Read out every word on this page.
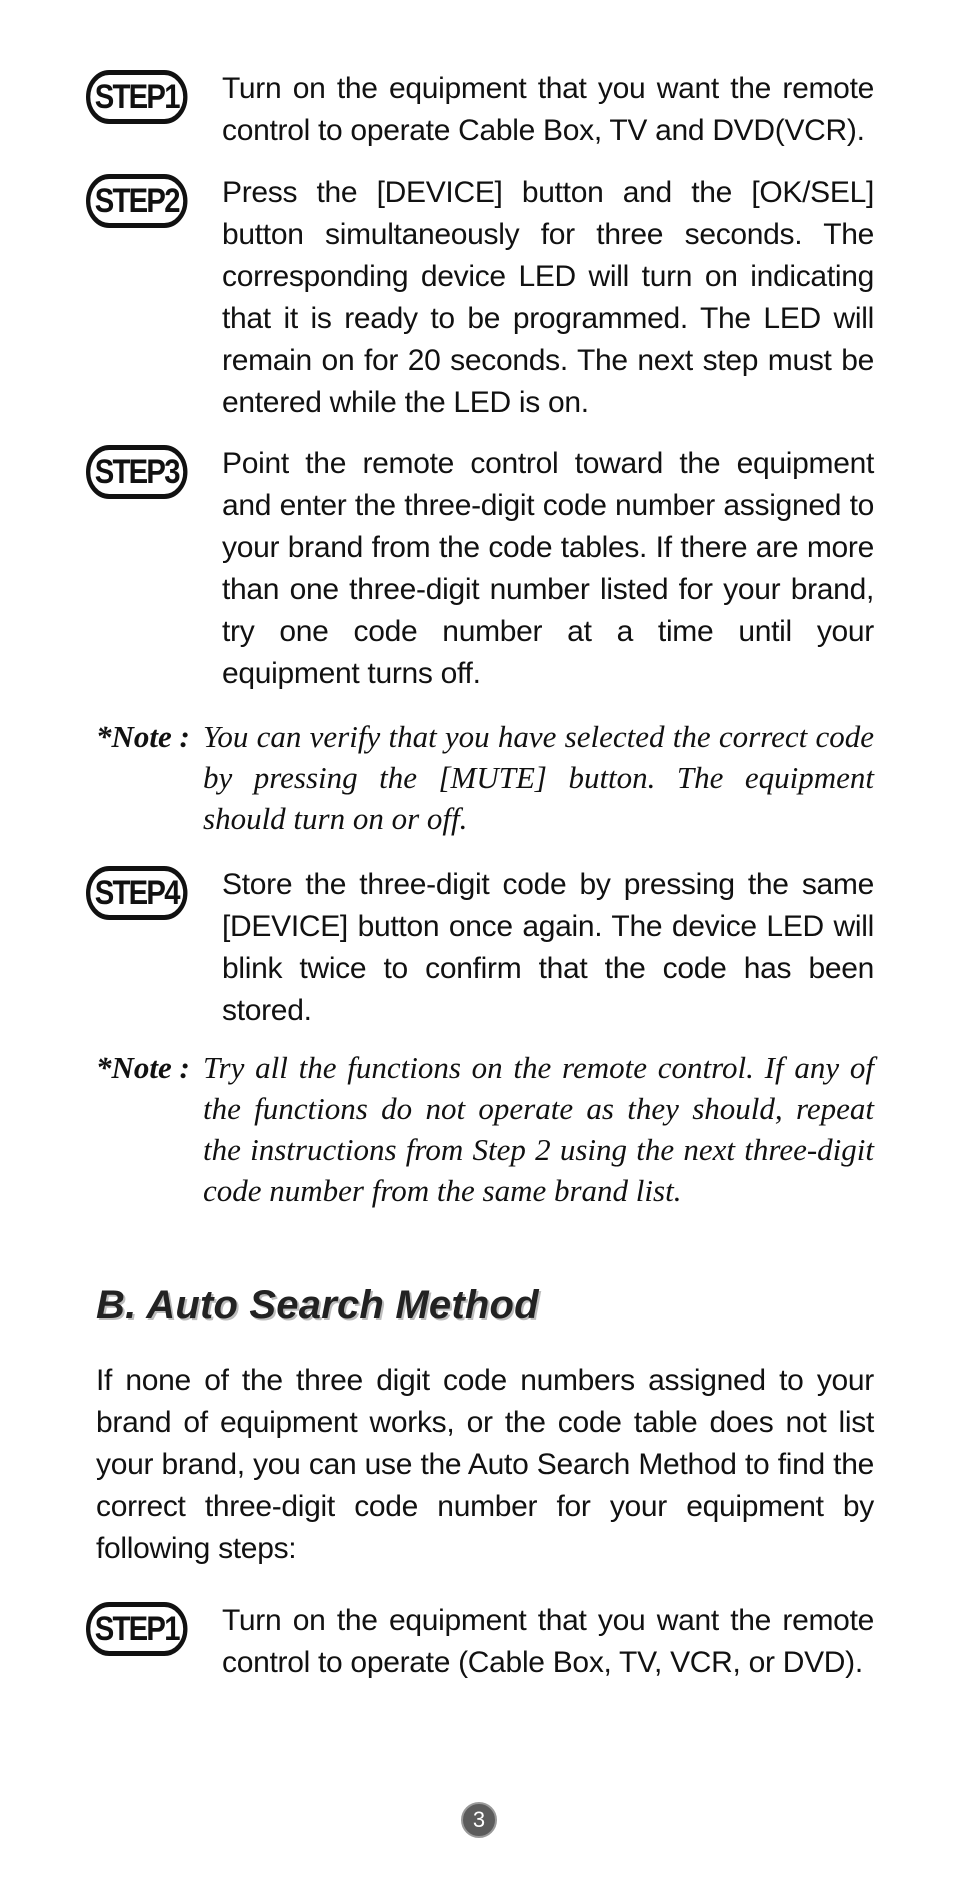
STEP1 Turn on the equipment that you want the remote control to operate Cable Box, TV and DVD(VCR).
STEP2 Press the [DEVICE] button and the [OK/SEL] button simultaneously for three seconds. The corresponding device LED will turn on indicating that it is ready to be programmed. The LED will remain on for 20 seconds. The next step must be entered while the LED is on.
STEP3 Point the remote control toward the equipment and enter the three-digit code number assigned to your brand from the code tables. If there are more than one three-digit number listed for your brand, try one code number at a time until your equipment turns off.
*Note : You can verify that you have selected the correct code by pressing the [MUTE] button. The equipment should turn on or off.
STEP4 Store the three-digit code by pressing the same [DEVICE] button once again. The device LED will blink twice to confirm that the code has been stored.
*Note : Try all the functions on the remote control. If any of the functions do not operate as they should, repeat the instructions from Step 2 using the next three-digit code number from the same brand list.
B. Auto Search Method
If none of the three digit code numbers assigned to your brand of equipment works, or the code table does not list your brand, you can use the Auto Search Method to find the correct three-digit code number for your equipment by following steps:
STEP1 Turn on the equipment that you want the remote control to operate (Cable Box, TV, VCR, or DVD).
3
